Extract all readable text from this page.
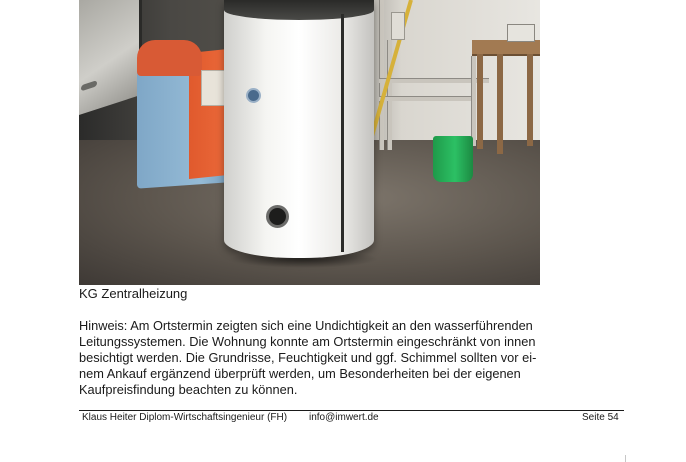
KG Zentralheizung
Hinweis: Am Ortstermin zeigten sich eine Undichtigkeit an den wasserführenden
Leitungssystemen. Die Wohnung konnte am Ortstermin eingeschränkt von innen
besichtigt werden. Die Grundrisse, Feuchtigkeit und ggf. Schimmel sollten vor ei-
nem Ankauf ergänzend überprüft werden, um Besonderheiten bei der eigenen
Kaufpreisfindung beachten zu können.
Klaus Heiter Diplom-Wirtschaftsingenieur (FH) info@imwert.de	Seite 54
